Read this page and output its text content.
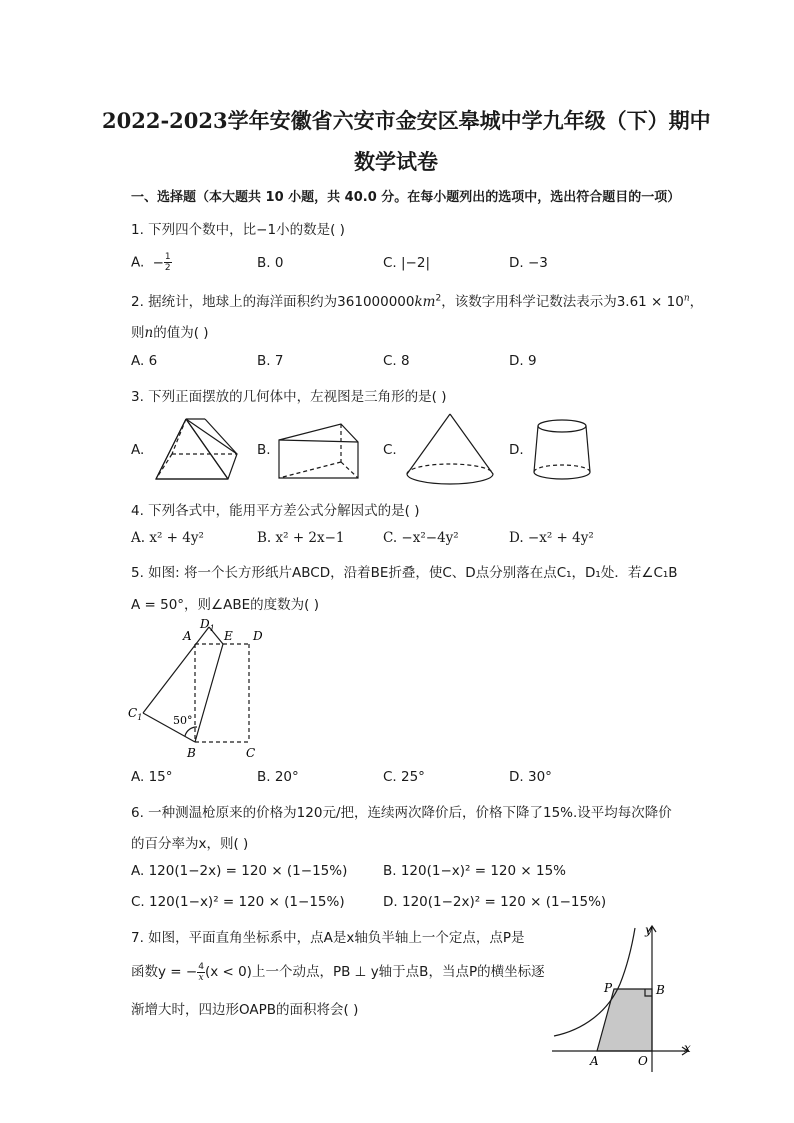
2022-2023学年安徽省六安市金安区皋城中学九年级（下）期中
数学试卷
一、选择题（本大题共 10 小题，共 40.0 分。在每小题列出的选项中，选出符合题目的一项）
1. 下列四个数中，比−1小的数是( )
A. − $\frac{1}{2}$	B. 0	C. |−2|	D. −3
2. 据统计，地球上的海洋面积约为$361000000km^2$，该数字用科学记数法表示为$3.61 \times 10^n$，
则n的值为( )
A. 6	B. 7	C. 8	D. 9
3. 下列正面摆放的几何体中，左视图是三角形的是( )
A.	B.	C.	D.
4. 下列各式中，能用平方差公式分解因式的是( )
A. x² + 4y²	B. x² + 2x−1	C. −x²−4y²	D. −x² + 4y²
5. 如图: 将一个长方形纸片ABCD，沿着BE折叠，使C、D点分别落在点C₁，D₁处．若∠C₁B
A = 50°，则∠ABE的度数为( )
A
$D_1$
E D
$C_1$	50°
B	C
A. 15°	B. 20°	C. 25°	D. 30°
6. 一种测温枪原来的价格为120元/把，连续两次降价后，价格下降了15%.设平均每次降价
的百分率为x，则( )
A. 120(1−2x) = 120 × (1−15%)	B. 120(1−x)² = 120 × 15%
C. 120(1−x)² = 120 × (1−15%)	D. 120(1−2x)² = 120 × (1−15%)
7. 如图，平面直角坐标系中，点A是x轴负半轴上一个定点，点P是
函数y = − $\frac{4}{x} (x < 0)$上一个动点，PB ⊥ y轴于点B，当点P的横坐标逐
渐增大时，四边形OAPB的面积将会( )
y
P	B
A	O
x
